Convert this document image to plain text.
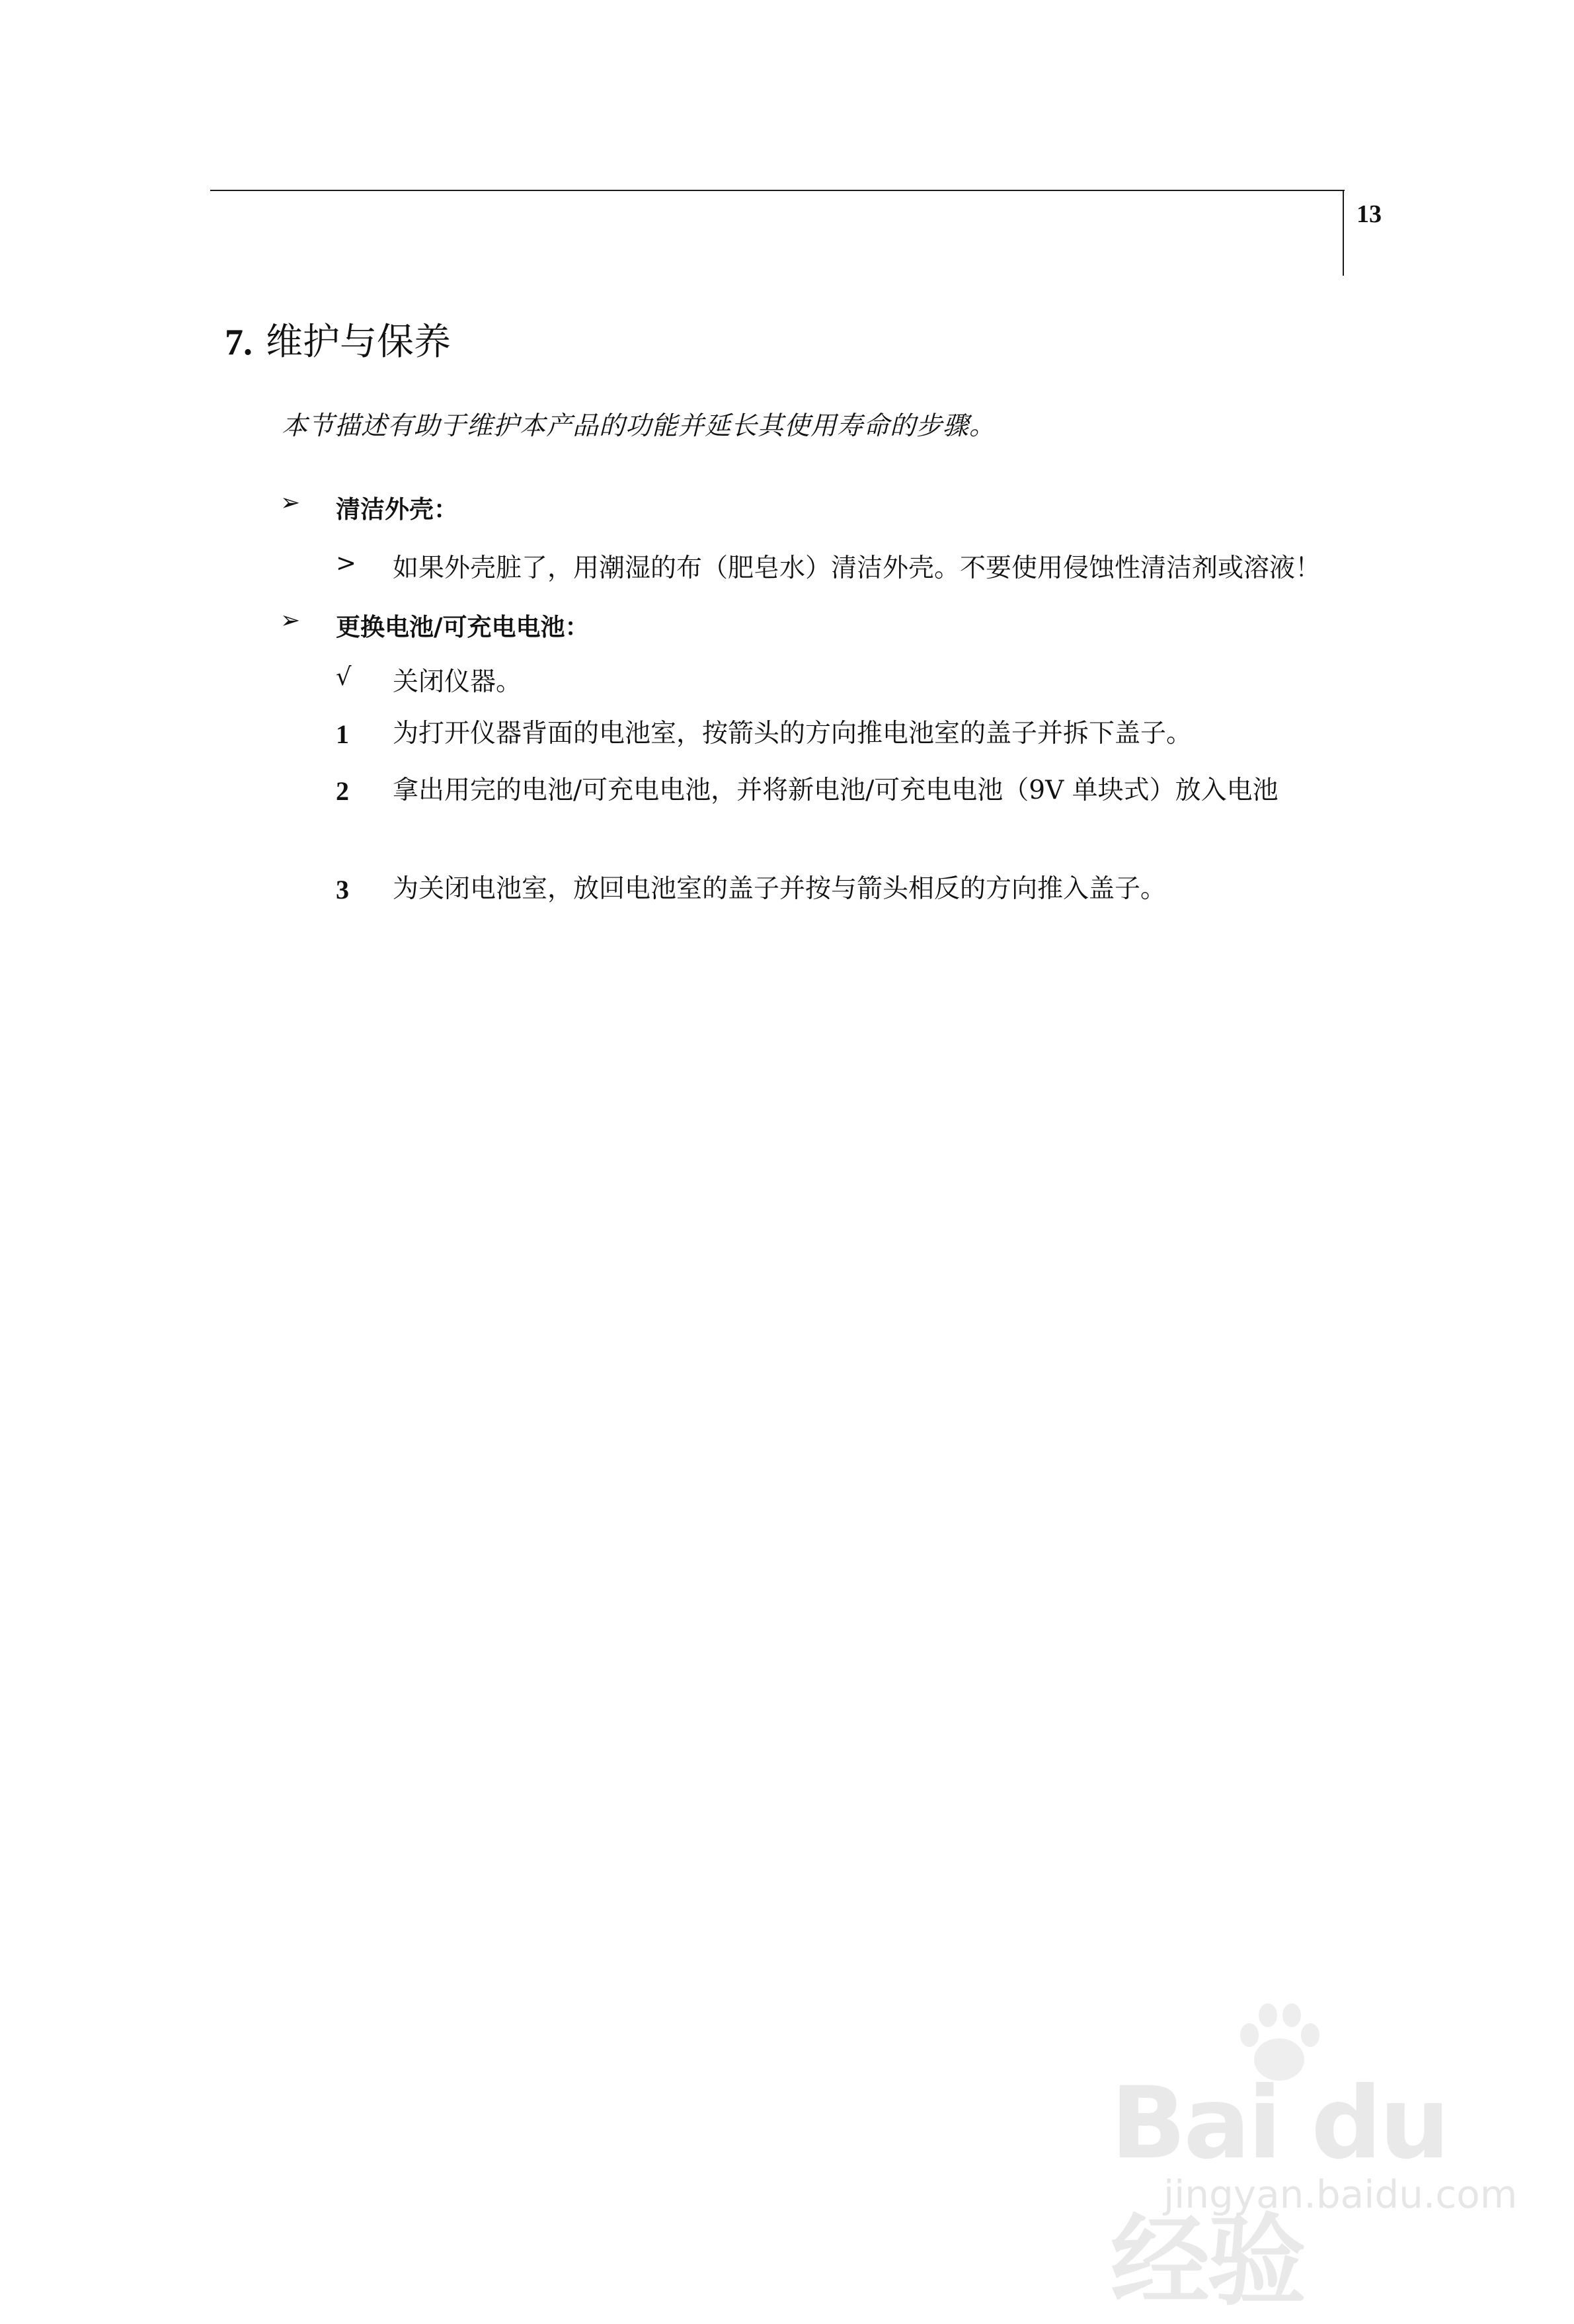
13
7. 维护与保养
本节描述有助于维护本产品的功能并延长其使用寿命的步骤。
➢ 清洁外壳：
> 如果外壳脏了，用潮湿的布（肥皂水）清洁外壳。不要使用侵蚀性清洁剂或溶液！
➢ 更换电池/可充电电池：
√ 关闭仪器。
1 为打开仪器背面的电池室，按箭头的方向推电池室的盖子并拆下盖子。
2 拿出用完的电池/可充电电池，并将新电池/可充电电池（9V 单块式）放入电池
3 为关闭电池室，放回电池室的盖子并按与箭头相反的方向推入盖子。
Bai du 经验
jingyan.baidu.com
